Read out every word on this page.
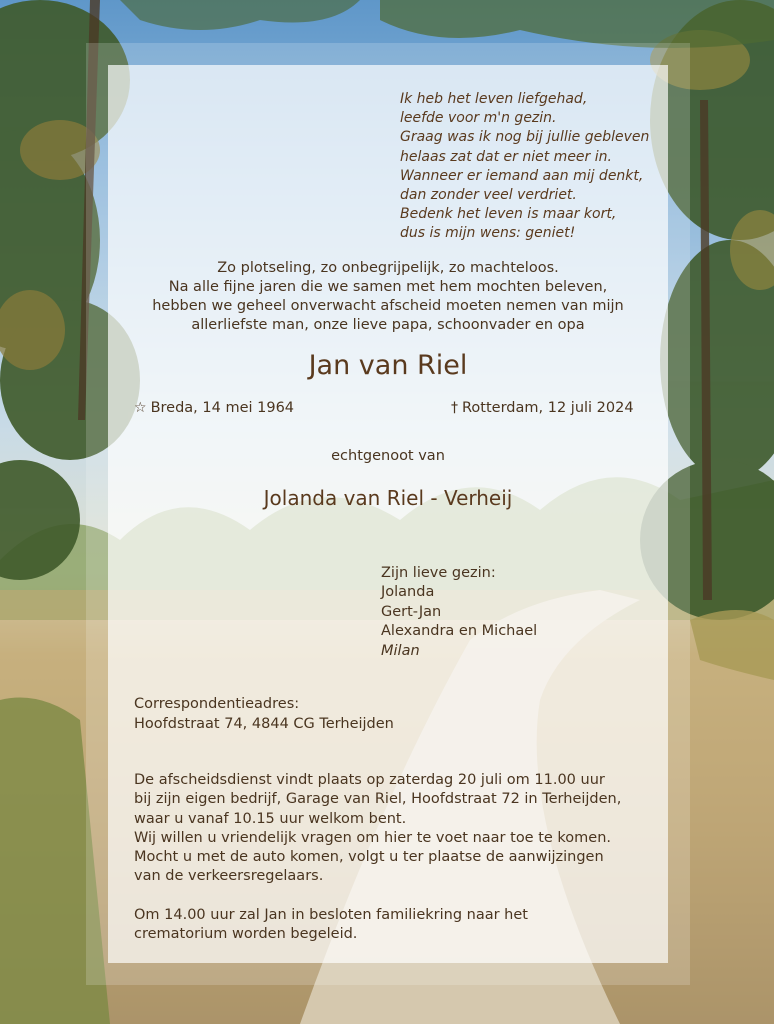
Ik heb het leven liefgehad,
leefde voor m'n gezin.
Graag was ik nog bij jullie gebleven
helaas zat dat er niet meer in.
Wanneer er iemand aan mij denkt,
dan zonder veel verdriet.
Bedenk het leven is maar kort,
dus is mijn wens: geniet!
Zo plotseling, zo onbegrijpelijk, zo machteloos.
Na alle fijne jaren die we samen met hem mochten beleven,
hebben we geheel onverwacht afscheid moeten nemen van mijn
allerliefste man, onze lieve papa, schoonvader en opa
Jan van Riel
☆ Breda, 14 mei 1964	† Rotterdam, 12 juli 2024
echtgenoot van
Jolanda van Riel - Verheij
Zijn lieve gezin:
Jolanda
Gert-Jan
Alexandra en Michael
Milan
Correspondentieadres:
Hoofdstraat 74, 4844 CG Terheijden
De afscheidsdienst vindt plaats op zaterdag 20 juli om 11.00 uur
bij zijn eigen bedrijf, Garage van Riel, Hoofdstraat 72 in Terheijden,
waar u vanaf 10.15 uur welkom bent.
Wij willen u vriendelijk vragen om hier te voet naar toe te komen.
Mocht u met de auto komen, volgt u ter plaatse de aanwijzingen
van de verkeersregelaars.
Om 14.00 uur zal Jan in besloten familiekring naar het
crematorium worden begeleid.
